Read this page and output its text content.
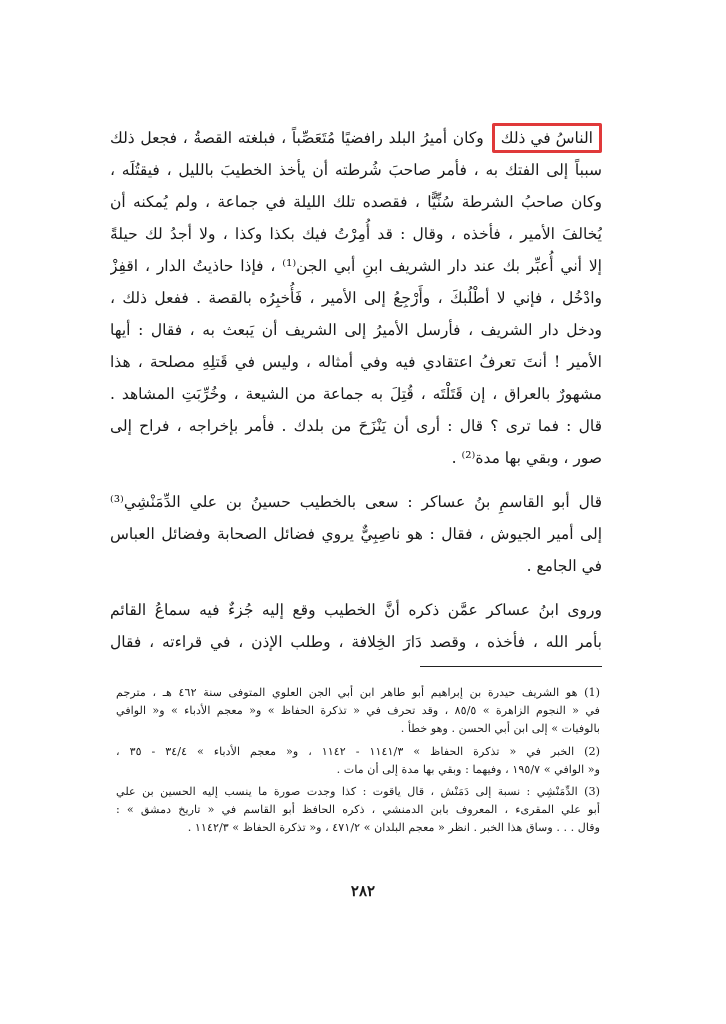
الناسُ في ذلكوكان أميرُ البلد رافضيًا مُتَعَصِّباً ، فبلغته القصةُ ، فجعل ذلك
سبباً إلى الفتك به ، فأمر صاحبَ شُرطته أن يأخذ الخطيبَ بالليل ، فيقتُلَه ،
وكان صاحبُ الشرطة سُنِّيًّا ، فقصده تلك الليلة في جماعة ، ولم يُمكنه أن
يُخالفَ الأمير ، فأخذه ، وقال : قد أُمِرْتُ فيك بكذا وكذا ، ولا أجدُ لك حيلةً
إلا أني أُعبِّر بك عند دار الشريف ابنِ أبي الجن⁽¹⁾ ، فإذا حاذيتُ الدار ، اقفِزْ
وادْخُل ، فإني لا أطْلُبكَ ، وأَرْجِعُ إلى الأمير ، فَأُخبِرُه بالقصة . ففعل ذلك ،
ودخل دار الشريف ، فأرسل الأميرُ إلى الشريف أن يَبعث به ، فقال : أيها
الأمير ! أنتَ تعرفُ اعتقادي فيه وفي أمثاله ، وليس في قَتلِهِ مصلحة ، هذا
مشهورٌ بالعراق ، إن قَتَلْتَه ، قُتِلَ به جماعة من الشيعة ، وخُرِّبَتِ المشاهد .
قال : فما ترى ؟ قال : أرى أن يَنْزَحَ من بلدك . فأمر بإخراجه ، فراح إلى
صور ، وبقي بها مدة⁽²⁾ .
قال أبو القاسمِ بنُ عساكر : سعى بالخطيب حسينُ بن علي الدِّمَنْشِي⁽³⁾
إلى أمير الجيوش ، فقال : هو ناصِبِيٌّ يروي فضائل الصحابة وفضائل العباس
في الجامع .
وروى ابنُ عساكر عمَّن ذكره أنَّ الخطيب وقع إليه جُزءٌ فيه سماعُ القائم
بأمر الله ، فأخذه ، وقصد دَارَ الخِلافة ، وطلب الإذن ، في قراءته ، فقال
(1) هو الشريف حيدرة بن إبراهيم أبو طاهر ابن أبي الجن العلوي المتوفى سنة ٤٦٢ هـ ، مترجم
في « النجوم الزاهرة » ٨٥/٥ ، وقد تحرف في « تذكرة الحفاظ » و« معجم الأدباء » و« الوافي
بالوفيات » إلى ابن أبي الحسن . وهو خطأ .
(2) الخبر في « تذكرة الحفاظ » ١١٤١/٣ - ١١٤٢ ، و« معجم الأدباء » ٣٤/٤ - ٣٥ ،
و« الوافي » ١٩٥/٧ ، وفيهما : وبقي بها مدة إلى أن مات .
(3) الدِّمَنْشِي : نسبة إلى دَمَنْش ، قال ياقوت : كذا وجدت صورة ما ينسب إليه الحسين بن علي
أبو علي المقرىء ، المعروف بابن الدمنشي ، ذكره الحافظ أبو القاسم في « تاريخ دمشق » :
وقال . . . وساق هذا الخبر . انظر « معجم البلدان » ٤٧١/٢ ، و« تذكرة الحفاظ » ١١٤٢/٣ .
٢٨٢
